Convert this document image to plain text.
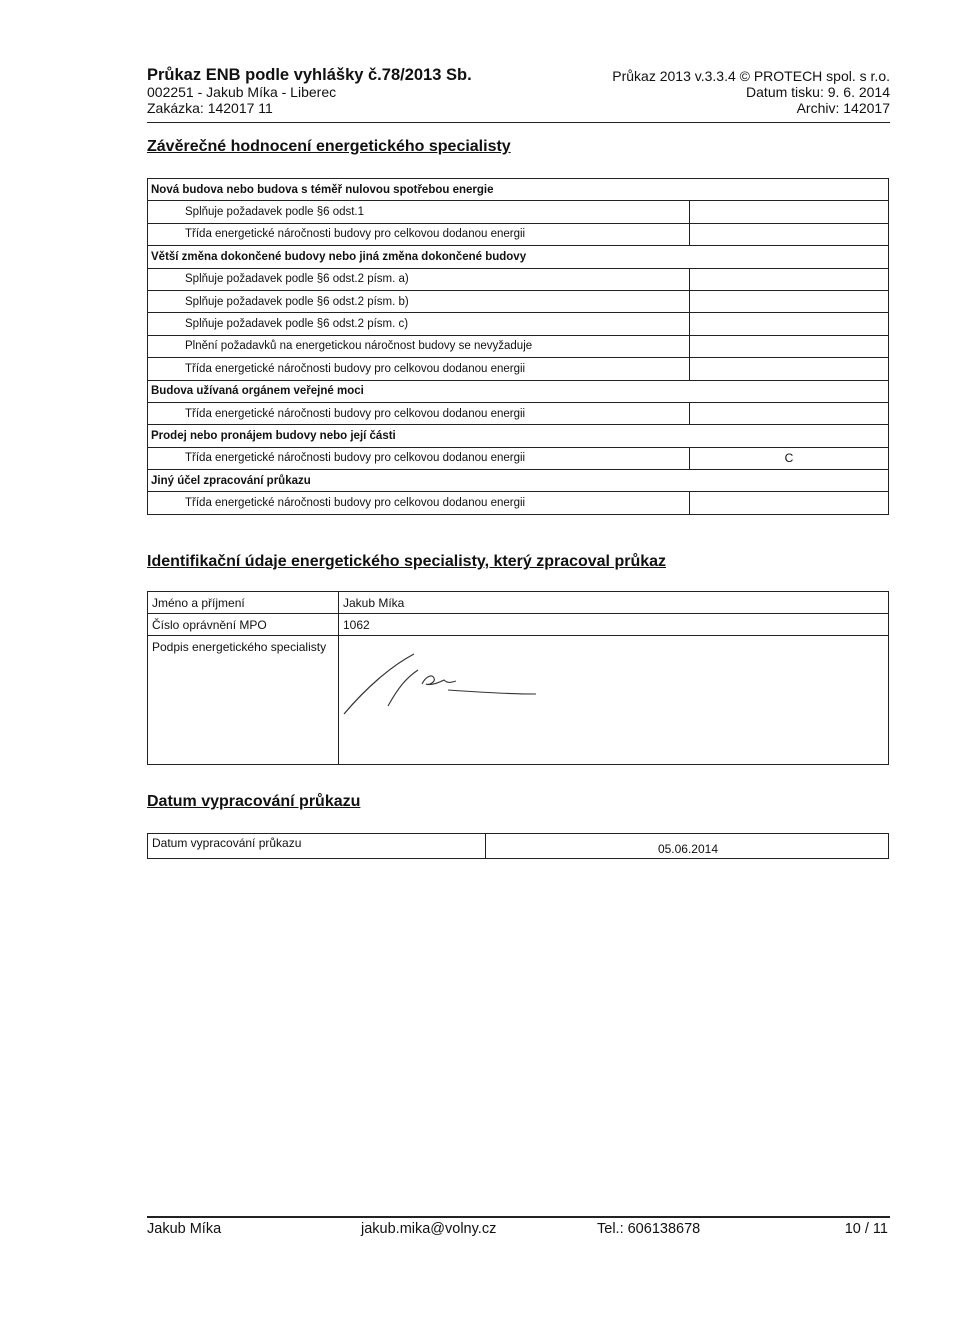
Průkaz ENB podle vyhlášky č.78/2013 Sb.
002251 - Jakub Míka - Liberec
Zakázka: 142017 11
Průkaz 2013 v.3.3.4 © PROTECH spol. s r.o.
Datum tisku: 9. 6. 2014
Archiv: 142017
Závěrečné hodnocení energetického specialisty
Nová budova nebo budova s téměř nulovou spotřebou energie	
Splňuje požadavek podle §6 odst.1	
Třída energetické náročnosti budovy pro celkovou dodanou energii	
Větší změna dokončené budovy nebo jiná změna dokončené budovy	
Splňuje požadavek podle §6 odst.2 písm. a)	
Splňuje požadavek podle §6 odst.2 písm. b)	
Splňuje požadavek podle §6 odst.2 písm. c)	
Plnění požadavků na energetickou náročnost budovy se nevyžaduje	
Třída energetické náročnosti budovy pro celkovou dodanou energii	
Budova užívaná orgánem veřejné moci	
Třída energetické náročnosti budovy pro celkovou dodanou energii	
Prodej nebo pronájem budovy nebo její části	
Třída energetické náročnosti budovy pro celkovou dodanou energii	C
Jiný účel zpracování průkazu	
Třída energetické náročnosti budovy pro celkovou dodanou energii	
Identifikační údaje energetického specialisty, který zpracoval průkaz
Jméno a příjmení	Jakub Míka
Číslo oprávnění MPO	1062
Podpis energetického specialisty	
Datum vypracování průkazu
Datum vypracování průkazu	05.06.2014
Jakub Míka	jakub.mika@volny.cz	Tel.: 606138678	10 / 11
